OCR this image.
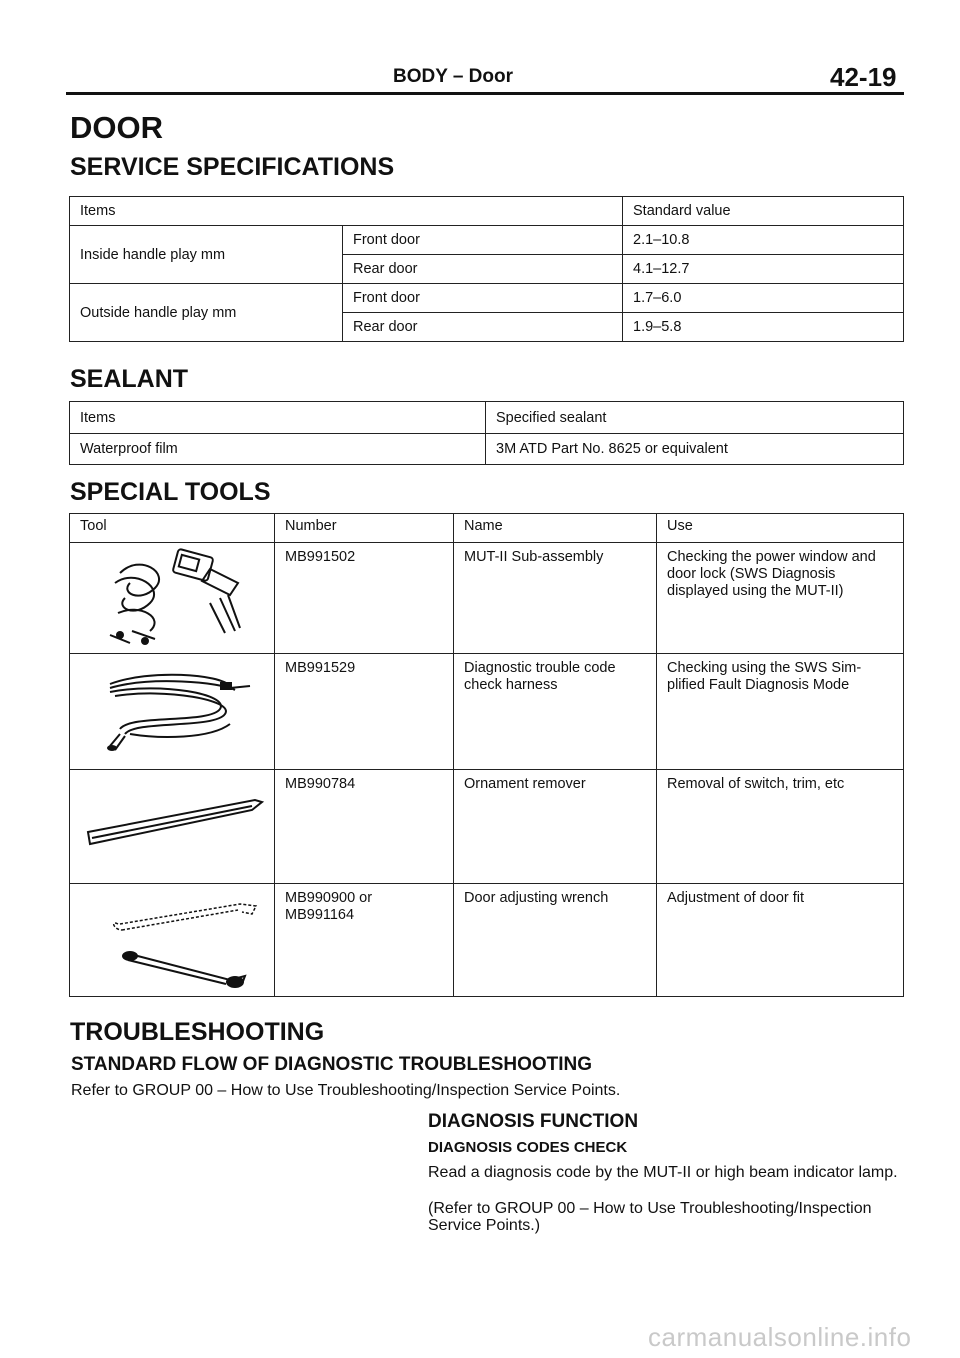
BODY – Door	42-19
DOOR
SERVICE SPECIFICATIONS
Items		Standard value
Inside handle play mm	Front door	2.1–10.8
	Rear door	4.1–12.7
Outside handle play mm	Front door	1.7–6.0
	Rear door	1.9–5.8
SEALANT
Items	Specified sealant
Waterproof film	3M ATD Part No. 8625 or equivalent
SPECIAL TOOLS
Tool	Number	Name	Use

	MB991502	MUT-II Sub-assembly	Checking the power window and door lock (SWS Diagnosis displayed using the MUT-II)

	MB991529	Diagnostic trouble code check harness	Checking using the SWS Sim-plified Fault Diagnosis Mode

	MB990784	Ornament remover	Removal of switch, trim, etc

	MB990900 or
MB991164	Door adjusting wrench	Adjustment of door fit
TROUBLESHOOTING
STANDARD FLOW OF DIAGNOSTIC TROUBLESHOOTING
Refer to GROUP 00 – How to Use Troubleshooting/Inspection Service Points.
DIAGNOSIS FUNCTION
DIAGNOSIS CODES CHECK
Read a diagnosis code by the MUT-II or high beam indicator lamp.
(Refer to GROUP 00 – How to Use Troubleshooting/Inspection Service Points.)
carmanualsonline.info
